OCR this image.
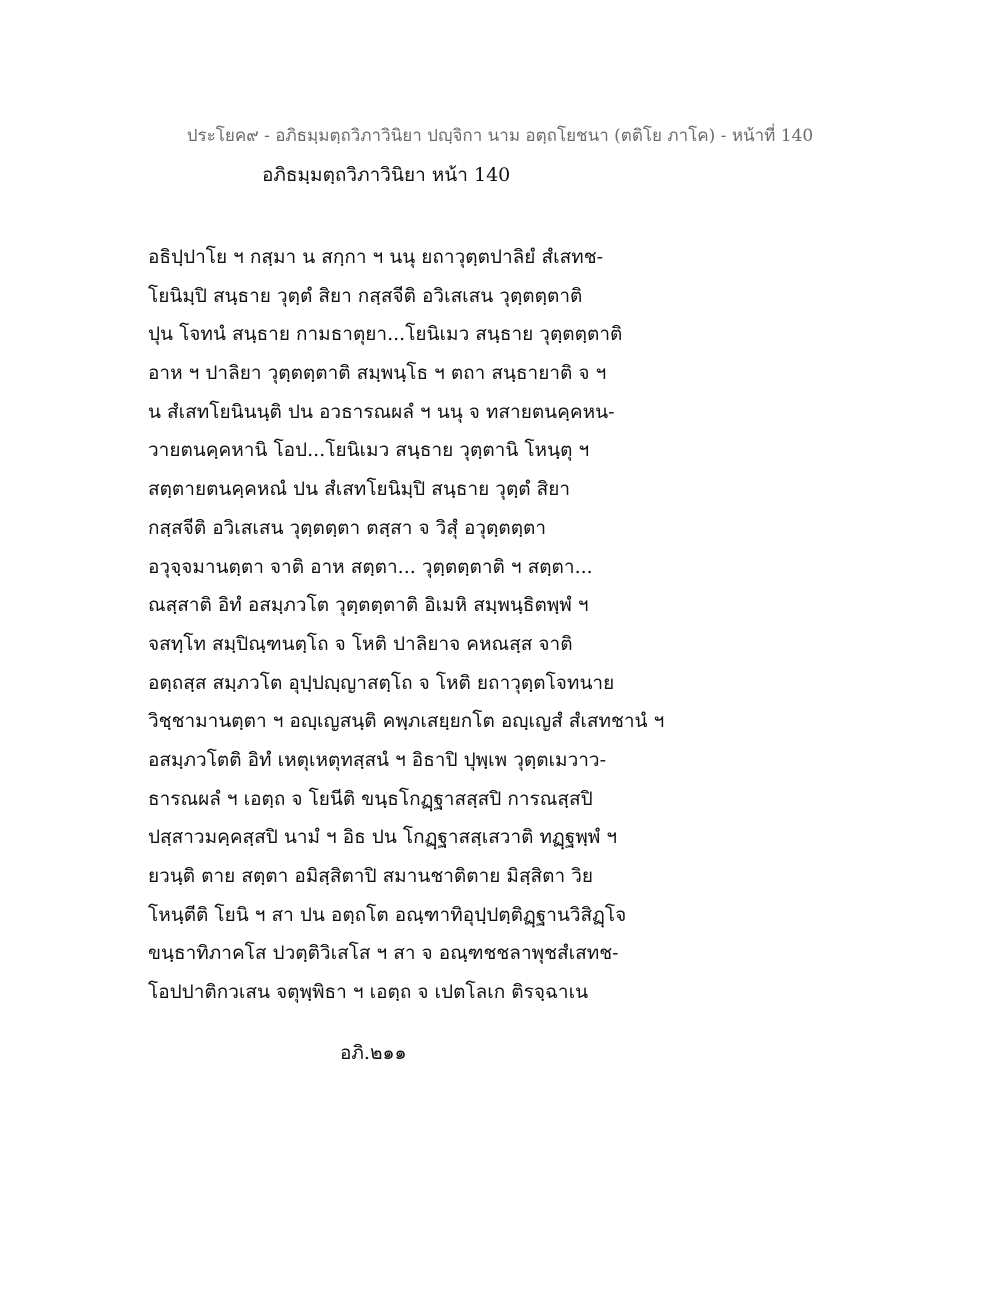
ประโยค๙ - อภิธมฺมตฺถวิภาวินิยา ปญฺจิกา นาม อตฺถโยชนา (ตติโย ภาโค) - หน้าที่ 140
อภิธมฺมตฺถวิภาวินิยา หน้า 140
อธิปฺปาโย ฯ กสฺมา น สกฺกา ฯ นนุ ยถาวุตฺตปาลิยํ สํเสทช-
โยนิมฺปิ สนฺธาย วุตฺตํ สิยา กสฺสจีติ อวิเสเสน วุตฺตตฺตาติ
ปุน โจทนํ สนฺธาย กามธาตุยา...โยนิเมว สนฺธาย วุตฺตตฺตาติ
อาห ฯ ปาลิยา วุตฺตตฺตาติ สมฺพนฺโธ ฯ ตถา สนฺธายาติ จ ฯ
น สํเสทโยนินนฺติ ปน อวธารณผลํ ฯ นนุ จ ทสายตนคฺคหน-
วายตนคฺคหานิ โอป...โยนิเมว สนฺธาย วุตฺตานิ โหนฺตุ ฯ
สตฺตายตนคฺคหณํ ปน สํเสทโยนิมฺปิ สนฺธาย วุตฺตํ สิยา
กสฺสจีติ อวิเสเสน วุตฺตตฺตา ตสฺสา จ วิสุํ อวุตฺตตฺตา
อวุจฺจมานตฺตา จาติ อาห สตฺตา... วุตฺตตฺตาติ ฯ สตฺตา...
ณสฺสาติ อิทํ อสมฺภวโต วุตฺตตฺตาติ อิเมหิ สมฺพนฺธิตพฺพํ ฯ
จสทฺโท สมฺปิณฺฑนตฺโถ จ โหติ ปาลิยาจ คหณสฺส จาติ
อตฺถสฺส สมฺภวโต อุปฺปญฺญาสตฺโถ จ โหติ ยถาวุตฺตโจทนาย
วิชฺชามานตฺตา ฯ อญฺเญสนฺติ คพฺภเสยฺยกโต อญฺเญสํ สํเสทชานํ ฯ
อสมฺภวโตติ อิทํ เหตุเหตุทสฺสนํ ฯ อิธาปิ ปุพฺเพ วุตฺตเมวาว-
ธารณผลํ ฯ เอตฺถ จ โยนีติ ขนฺธโกฏฺฐาสสฺสปิ การณสฺสปิ
ปสฺสาวมคฺคสฺสปิ นามํ ฯ อิธ ปน โกฏฺฐาสสฺเสวาติ ทฏฺฐพฺพํ ฯ
ยวนฺติ ตาย สตฺตา อมิสฺสิตาปิ สมานชาติตาย มิสฺสิตา วิย
โหนฺตีติ โยนิ ฯ สา ปน อตฺถโต อณฺฑาทิอุปฺปตฺติฏฺฐานวิสิฏฺโจ
ขนฺธาทิภาคโส ปวตฺติวิเสโส ฯ สา จ อณฺฑชชลาพุชสํเสทช-
โอปปาติกวเสน จตุพฺพิธา ฯ เอตฺถ จ เปตโลเก ติรจฺฉาเน
อภิ.๒๑๑
